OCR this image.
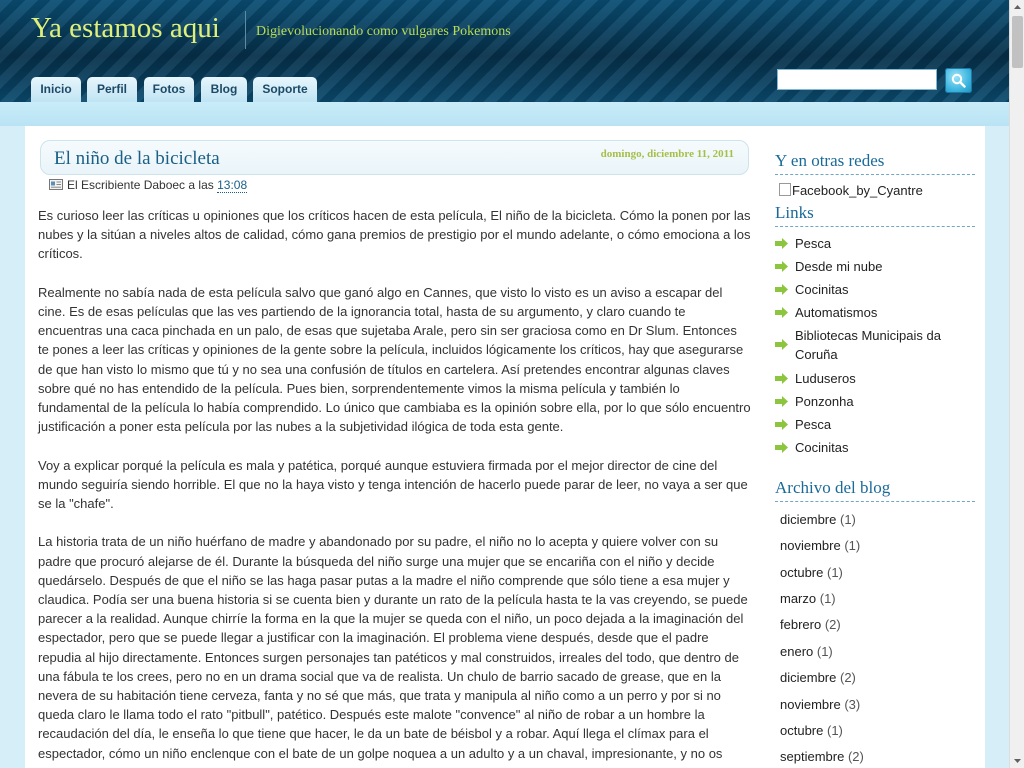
Ya estamos aqui	Digievolucionando como vulgares Pokemons
Inicio	Perfil	Fotos	Blog	Soporte
El niño de la bicicleta	domingo, diciembre 11, 2011
El Escribiente Daboec a las 13:08

Es curioso leer las críticas u opiniones que los críticos hacen de esta película, El niño de la bicicleta. Cómo la ponen por las nubes y la sitúan a niveles altos de calidad, cómo gana premios de prestigio por el mundo adelante, o cómo emociona a los críticos.

Realmente no sabía nada de esta película salvo que ganó algo en Cannes, que visto lo visto es un aviso a escapar del cine. Es de esas películas que las ves partiendo de la ignorancia total, hasta de su argumento, y claro cuando te encuentras una caca pinchada en un palo, de esas que sujetaba Arale, pero sin ser graciosa como en Dr Slum. Entonces te pones a leer las críticas y opiniones de la gente sobre la película, incluidos lógicamente los críticos, hay que asegurarse de que han visto lo mismo que tú y no sea una confusión de títulos en cartelera. Así pretendes encontrar algunas claves sobre qué no has entendido de la película. Pues bien, sorprendentemente vimos la misma película y también lo fundamental de la película lo había comprendido. Lo único que cambiaba es la opinión sobre ella, por lo que sólo encuentro justificación a poner esta película por las nubes a la subjetividad ilógica de toda esta gente.

Voy a explicar porqué la película es mala y patética, porqué aunque estuviera firmada por el mejor director de cine del mundo seguiría siendo horrible. El que no la haya visto y tenga intención de hacerlo puede parar de leer, no vaya a ser que se la "chafe".

La historia trata de un niño huérfano de madre y abandonado por su padre, el niño no lo acepta y quiere volver con su padre que procuró alejarse de él. Durante la búsqueda del niño surge una mujer que se encariña con el niño y decide quedárselo. Después de que el niño se las haga pasar putas a la madre el niño comprende que sólo tiene a esa mujer y claudica. Podía ser una buena historia si se cuenta bien y durante un rato de la película hasta te la vas creyendo, se puede parecer a la realidad. Aunque chirríe la forma en la que la mujer se queda con el niño, un poco dejada a la imaginación del espectador, pero que se puede llegar a justificar con la imaginación. El problema viene después, desde que el padre repudia al hijo directamente. Entonces surgen personajes tan patéticos y mal construidos, irreales del todo, que dentro de una fábula te los crees, pero no en un drama social que va de realista. Un chulo de barrio sacado de grease, que en la nevera de su habitación tiene cerveza, fanta y no sé que más, que trata y manipula al niño como a un perro y por si no queda claro le llama todo el rato "pitbull", patético. Después este malote "convence" al niño de robar a un hombre la recaudación del día, le enseña lo que tiene que hacer, le da un bate de béisbol y a robar. Aquí llega el clímax para el espectador, cómo un niño enclenque con el bate de un golpe noquea a un adulto y a un chaval, impresionante, y no os

Y en otras redes
Facebook_by_Cyantre
Links
Pesca
Desde mi nube
Cocinitas
Automatismos
Bibliotecas Municipais da Coruña
Luduseros
Ponzonha
Pesca
Cocinitas
Archivo del blog
diciembre (1)
noviembre (1)
octubre (1)
marzo (1)
febrero (2)
enero (1)
diciembre (2)
noviembre (3)
octubre (1)
septiembre (2)
